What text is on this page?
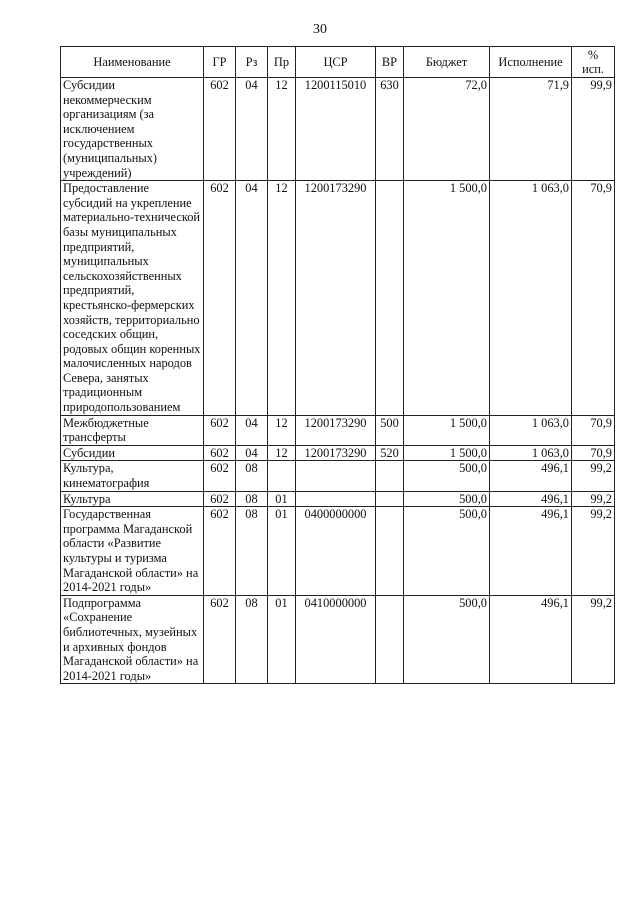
30
Наименование	ГР	Рз	Пр	ЦСР	ВР	Бюджет	Исполнение	%
исп.

Субсидии некоммерческим организациям (за исключением государственных (муниципальных) учреждений)	602	04	12	1200115010	630	72,0	71,9	99,9
Предоставление субсидий на укрепление материально-технической базы муниципальных предприятий, муниципальных сельскохозяйственных предприятий, крестьянско-фермерских хозяйств, территориально соседских общин, родовых общин коренных малочисленных народов Севера, занятых традиционным природопользованием	602	04	12	1200173290		1 500,0	1 063,0	70,9
Межбюджетные трансферты	602	04	12	1200173290	500	1 500,0	1 063,0	70,9
Субсидии	602	04	12	1200173290	520	1 500,0	1 063,0	70,9
Культура, кинематография	602	08				500,0	496,1	99,2
Культура	602	08	01			500,0	496,1	99,2
Государственная программа Магаданской области «Развитие культуры и туризма Магаданской области» на 2014-2021 годы»	602	08	01	0400000000		500,0	496,1	99,2
Подпрограмма «Сохранение библиотечных, музейных и архивных фондов Магаданской области» на 2014-2021 годы»	602	08	01	0410000000		500,0	496,1	99,2
